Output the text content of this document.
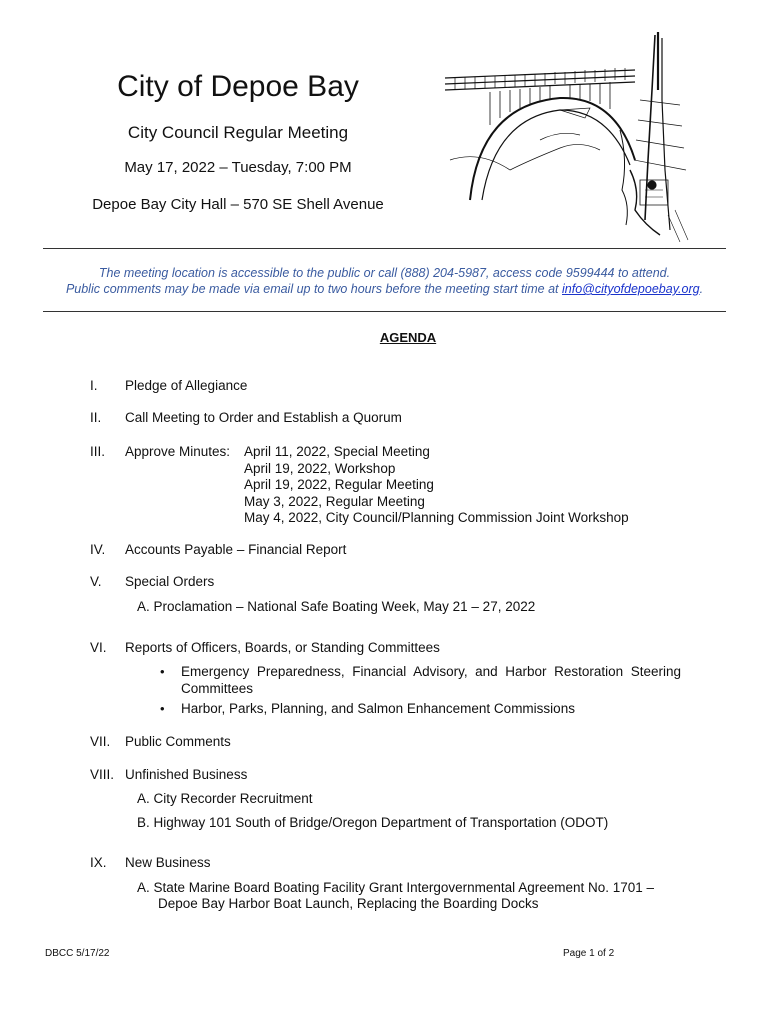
City of Depoe Bay
City Council Regular Meeting
May 17, 2022 – Tuesday, 7:00 PM
Depoe Bay City Hall – 570 SE Shell Avenue
The meeting location is accessible to the public or call (888) 204-5987, access code 9599444 to attend.
Public comments may be made via email up to two hours before the meeting start time at info@cityofdepoebay.org.
AGENDA
I.	Pledge of Allegiance
II.	Call Meeting to Order and Establish a Quorum
III.	Approve Minutes: April 11, 2022, Special Meeting
April 19, 2022, Workshop
April 19, 2022, Regular Meeting
May 3, 2022, Regular Meeting
May 4, 2022, City Council/Planning Commission Joint Workshop
IV.	Accounts Payable – Financial Report
V.	Special Orders
A. Proclamation – National Safe Boating Week, May 21 – 27, 2022
VI.	Reports of Officers, Boards, or Standing Committees
• Emergency Preparedness, Financial Advisory, and Harbor Restoration Steering Committees
• Harbor, Parks, Planning, and Salmon Enhancement Commissions
VII.	Public Comments
VIII. Unfinished Business
A. City Recorder Recruitment
B. Highway 101 South of Bridge/Oregon Department of Transportation (ODOT)
IX.	New Business
A. State Marine Board Boating Facility Grant Intergovernmental Agreement No. 1701 –
Depoe Bay Harbor Boat Launch, Replacing the Boarding Docks
DBCC 5/17/22	Page 1 of 2
